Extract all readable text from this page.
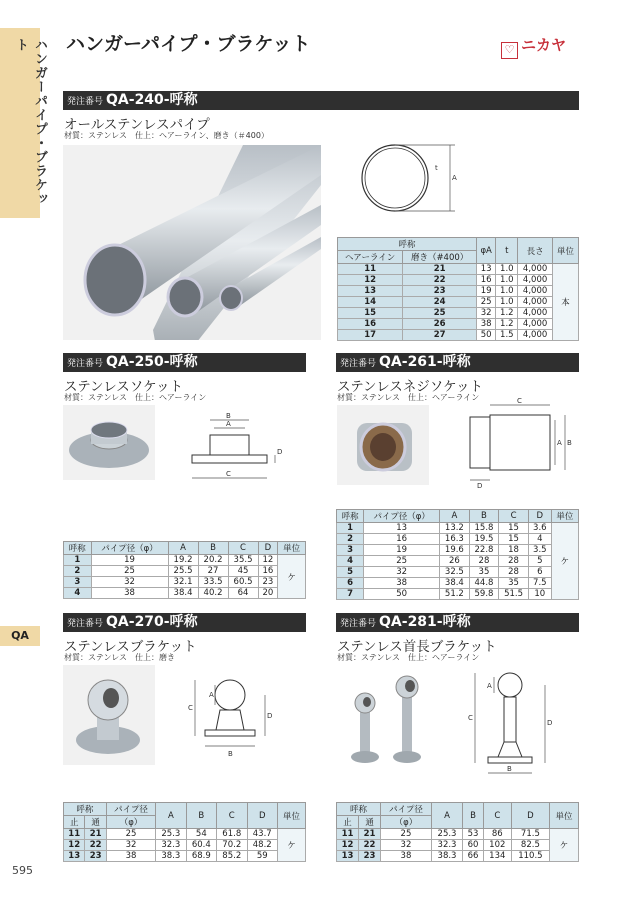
ハンガーパイプ・ブラケット
QA
595
ハンガーパイプ・ブラケット	♡ ニカヤ
発注番号 QA-240-呼称
オールステンレスパイプ
材質：ステンレス　仕上：ヘアーライン、磨き（＃400）
A
t
呼称		φA	t	長さ	単位
ヘアーライン	磨き（#400）				
11	21	13	1.0	4,000	本
12	22	16	1.0	4,000	
13	23	19	1.0	4,000	
14	24	25	1.0	4,000	
15	25	32	1.2	4,000	
16	26	38	1.2	4,000	
17	27	50	1.5	4,000	
発注番号 QA-250-呼称
ステンレスソケット
材質：ステンレス　仕上：ヘアーライン
B
A
C
D
呼称	パイプ径（φ）	A	B	C	D	単位
1	19	19.2	20.2	35.5	12	ケ
2	25	25.5	27	45	16	
3	32	32.1	33.5	60.5	23	
4	38	38.4	40.2	64	20	
発注番号 QA-261-呼称
ステンレスネジソケット
材質：ステンレス　仕上：ヘアーライン	C
A B
D
呼称	パイプ径（φ）	A	B	C	D	単位
1	13	13.2	15.8	15	3.6	ケ
2	16	16.3	19.5	15	4	
3	19	19.6	22.8	18	3.5	
4	25	26	28	28	5	
5	32	32.5	35	28	6	
6	38	38.4	44.8	35	7.5	
7	50	51.2	59.8	51.5	10	
発注番号 QA-270-呼称
ステンレスブラケット
材質：ステンレス　仕上：磨き
A
C
D
B
呼称		パイプ径	A	B	C	D	単位
止	通	（φ）					
11	21	25	25.3	54	61.8	43.7	ケ
12	22	32	32.3	60.4	70.2	48.2	
13	23	38	38.3	68.9	85.2	59	
発注番号 QA-281-呼称
ステンレス首長ブラケット
材質：ステンレス　仕上：ヘアーライン
A
C
D
B
呼称		パイプ径	A	B	C	D	単位
止	通	（φ）					
11	21	25	25.3	53	86	71.5	ケ
12	22	32	32.3	60	102	82.5	
13	23	38	38.3	66	134	110.5	
